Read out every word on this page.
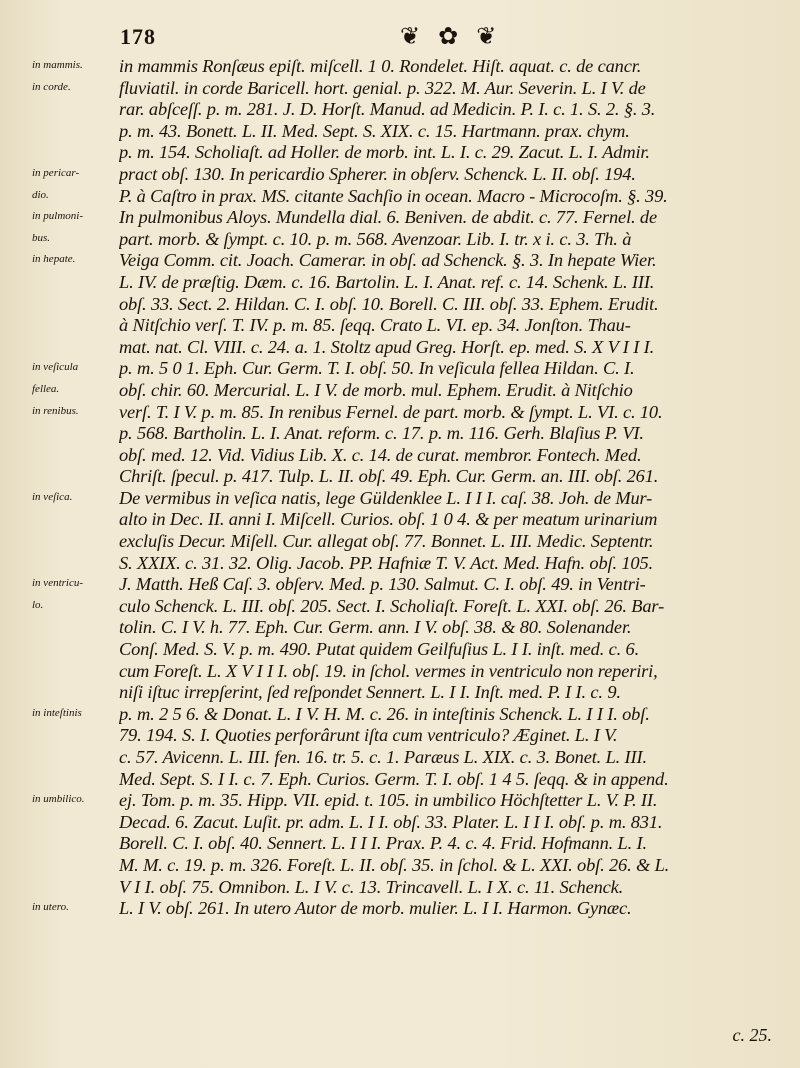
178	❦ ✿ ❦
in mammis.	in mammis Ronſæus epiſt. miſcell. 1 0. Rondelet. Hiſt. aquat. c. de cancr.
in corde.	fluviatil. in corde Baricell. hort. genial. p. 322. M. Aur. Severin. L. I V. de
rar. abſceſſ. p. m. 281. J. D. Horſt. Manud. ad Medicin. P. I. c. 1. S. 2. §. 3.
p. m. 43. Bonett. L. II. Med. Sept. S. XIX. c. 15. Hartmann. prax. chym.
p. m. 154. Scholiaſt. ad Holler. de morb. int. L. I. c. 29. Zacut. L. I. Admir.
in pericar-	pract obſ. 130. In pericardio Spherer. in obſerv. Schenck. L. II. obſ. 194.
dio.	P. à Caſtro in prax. MS. citante Sachſio in ocean. Macro - Microcoſm. §. 39.
in pulmoni-	In pulmonibus Aloys. Mundella dial. 6. Beniven. de abdit. c. 77. Fernel. de
bus.	part. morb. & ſympt. c. 10. p. m. 568. Avenzoar. Lib. I. tr. x i. c. 3. Th. à
in hepate.	Veiga Comm. cit. Joach. Camerar. in obſ. ad Schenck. §. 3. In hepate Wier.
L. IV. de præſtig. Dæm. c. 16. Bartolin. L. I. Anat. ref. c. 14. Schenk. L. III.
obſ. 33. Sect. 2. Hildan. C. I. obſ. 10. Borell. C. III. obſ. 33. Ephem. Erudit.
à Nitſchio verſ. T. IV. p. m. 85. ſeqq. Crato L. VI. ep. 34. Jonſton. Thau-
mat. nat. Cl. VIII. c. 24. a. 1. Stoltz apud Greg. Horſt. ep. med. S. X V I I I.
in veſicula	p. m. 5 0 1. Eph. Cur. Germ. T. I. obſ. 50. In veſicula fellea Hildan. C. I.
fellea.	obſ. chir. 60. Mercurial. L. I V. de morb. mul. Ephem. Erudit. à Nitſchio
in renibus.	verſ. T. I V. p. m. 85. In renibus Fernel. de part. morb. & ſympt. L. VI. c. 10.
p. 568. Bartholin. L. I. Anat. reform. c. 17. p. m. 116. Gerh. Blaſius P. VI.
obſ. med. 12. Vid. Vidius Lib. X. c. 14. de curat. membror. Fontech. Med.
Chriſt. ſpecul. p. 417. Tulp. L. II. obſ. 49. Eph. Cur. Germ. an. III. obſ. 261.
in veſica.	De vermibus in veſica natis, lege Güldenklee L. I I I. caſ. 38. Joh. de Mur-
alto in Dec. II. anni I. Miſcell. Curios. obſ. 1 0 4. & per meatum urinarium
excluſis Decur. Miſell. Cur. allegat obſ. 77. Bonnet. L. III. Medic. Septentr.
S. XXIX. c. 31. 32. Olig. Jacob. PP. Hafniæ T. V. Act. Med. Hafn. obſ. 105.
in ventricu-	J. Matth. Heß Caſ. 3. obſerv. Med. p. 130. Salmut. C. I. obſ. 49. in Ventri-
lo.	culo Schenck. L. III. obſ. 205. Sect. I. Scholiaſt. Foreſt. L. XXI. obſ. 26. Bar-
tolin. C. I V. h. 77. Eph. Cur. Germ. ann. I V. obſ. 38. & 80. Solenander.
Conſ. Med. S. V. p. m. 490. Putat quidem Geilfuſius L. I I. inſt. med. c. 6.
cum Foreſt. L. X V I I I. obſ. 19. in ſchol. vermes in ventriculo non reperiri,
niſi iſtuc irrepſerint, ſed reſpondet Sennert. L. I I. Inſt. med. P. I I. c. 9.
in inteſtinis	p. m. 2 5 6. & Donat. L. I V. H. M. c. 26. in inteſtinis Schenck. L. I I I. obſ.
79. 194. S. I. Quoties perforârunt iſta cum ventriculo? Æginet. L. I V.
c. 57. Avicenn. L. III. fen. 16. tr. 5. c. 1. Paræus L. XIX. c. 3. Bonet. L. III.
Med. Sept. S. I I. c. 7. Eph. Curios. Germ. T. I. obſ. 1 4 5. ſeqq. & in append.
in umbilico.	ej. Tom. p. m. 35. Hipp. VII. epid. t. 105. in umbilico Höchſtetter L. V. P. II.
Decad. 6. Zacut. Luſit. pr. adm. L. I I. obſ. 33. Plater. L. I I I. obſ. p. m. 831.
Borell. C. I. obſ. 40. Sennert. L. I I I. Prax. P. 4. c. 4. Frid. Hofmann. L. I.
M. M. c. 19. p. m. 326. Foreſt. L. II. obſ. 35. in ſchol. & L. XXI. obſ. 26. & L.
V I I. obſ. 75. Omnibon. L. I V. c. 13. Trincavell. L. I X. c. 11. Schenck.
in utero.	L. I V. obſ. 261. In utero Autor de morb. mulier. L. I I. Harmon. Gynæc.
c. 25.
